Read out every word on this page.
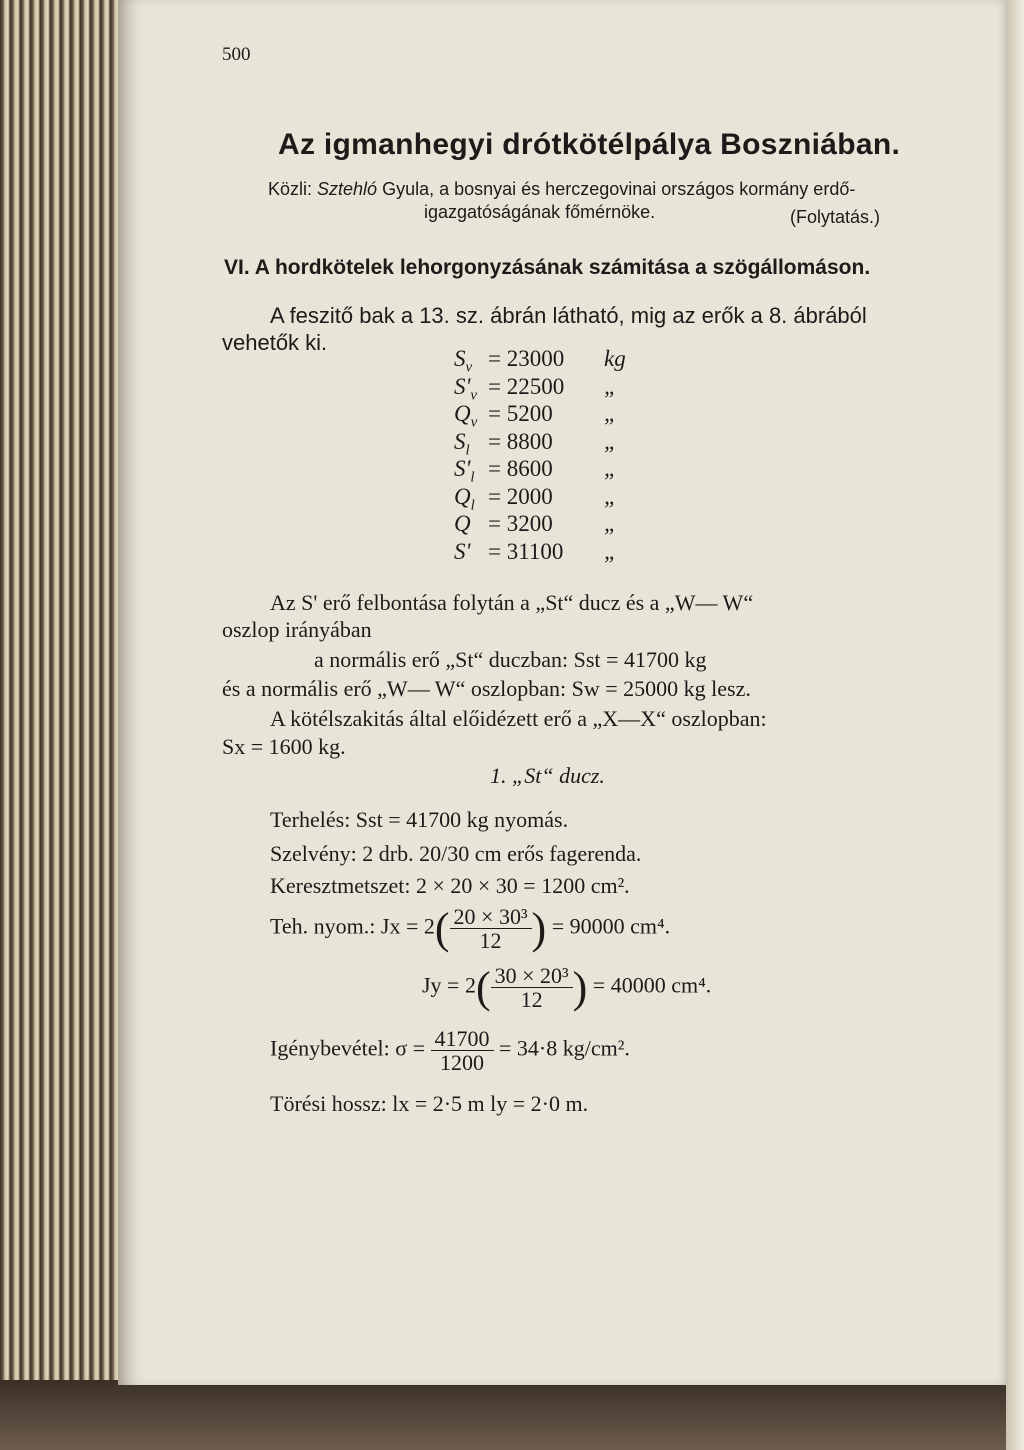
500
Az igmanhegyi drótkötélpálya Boszniában.
Közli: Sztehló Gyula, a bosnyai és herczegovinai országos kormány erdő-
igazgatóságának főmérnöke.	(Folytatás.)
VI. A hordkötelek lehorgonyzásának számitása a szögállomáson.
A feszitő bak a 13. sz. ábrán látható, mig az erők a 8. ábrából
vehetők ki.
$S_v = 23000$ kg
$S'_v = 22500$ „
$Q_v = 5200$ „
$S_l = 8800$ „
$S'_l = 8600$ „
$Q_l = 2000$ „
Q = 3200 „
S' = 31100 „
Az S' erő felbontása folytán a „St“ ducz és a „W— W“
oszlop irányában
a normális erő „St“ duczban: Sst = 41700 kg
és a normális erő „W— W“ oszlopban: Sw = 25000 kg lesz.
A kötélszakitás által előidézett erő a „X—X“ oszlopban:
Sx = 1600 kg.
1. „St“ ducz.
Terhelés: Sst = 41700 kg nyomás.
Szelvény: 2 drb. 20/30 cm erős fagerenda.
Keresztmetszet: 2 × 20 × 30 = 1200 cm².
Teh. nyom.: $Jx = 2( \frac{\text{20 × 30³}}{12}$ ) = 90000 cm⁴.
$Jy = 2( \frac{\text{30 × 20³}}{12}$ ) = 40000 cm⁴.
Igénybevétel: $\sigma = \frac{41700}{1200} = 34\cdot 8$ kg/cm².
Törési hossz: lx = 2·5 m ly = 2·0 m.
